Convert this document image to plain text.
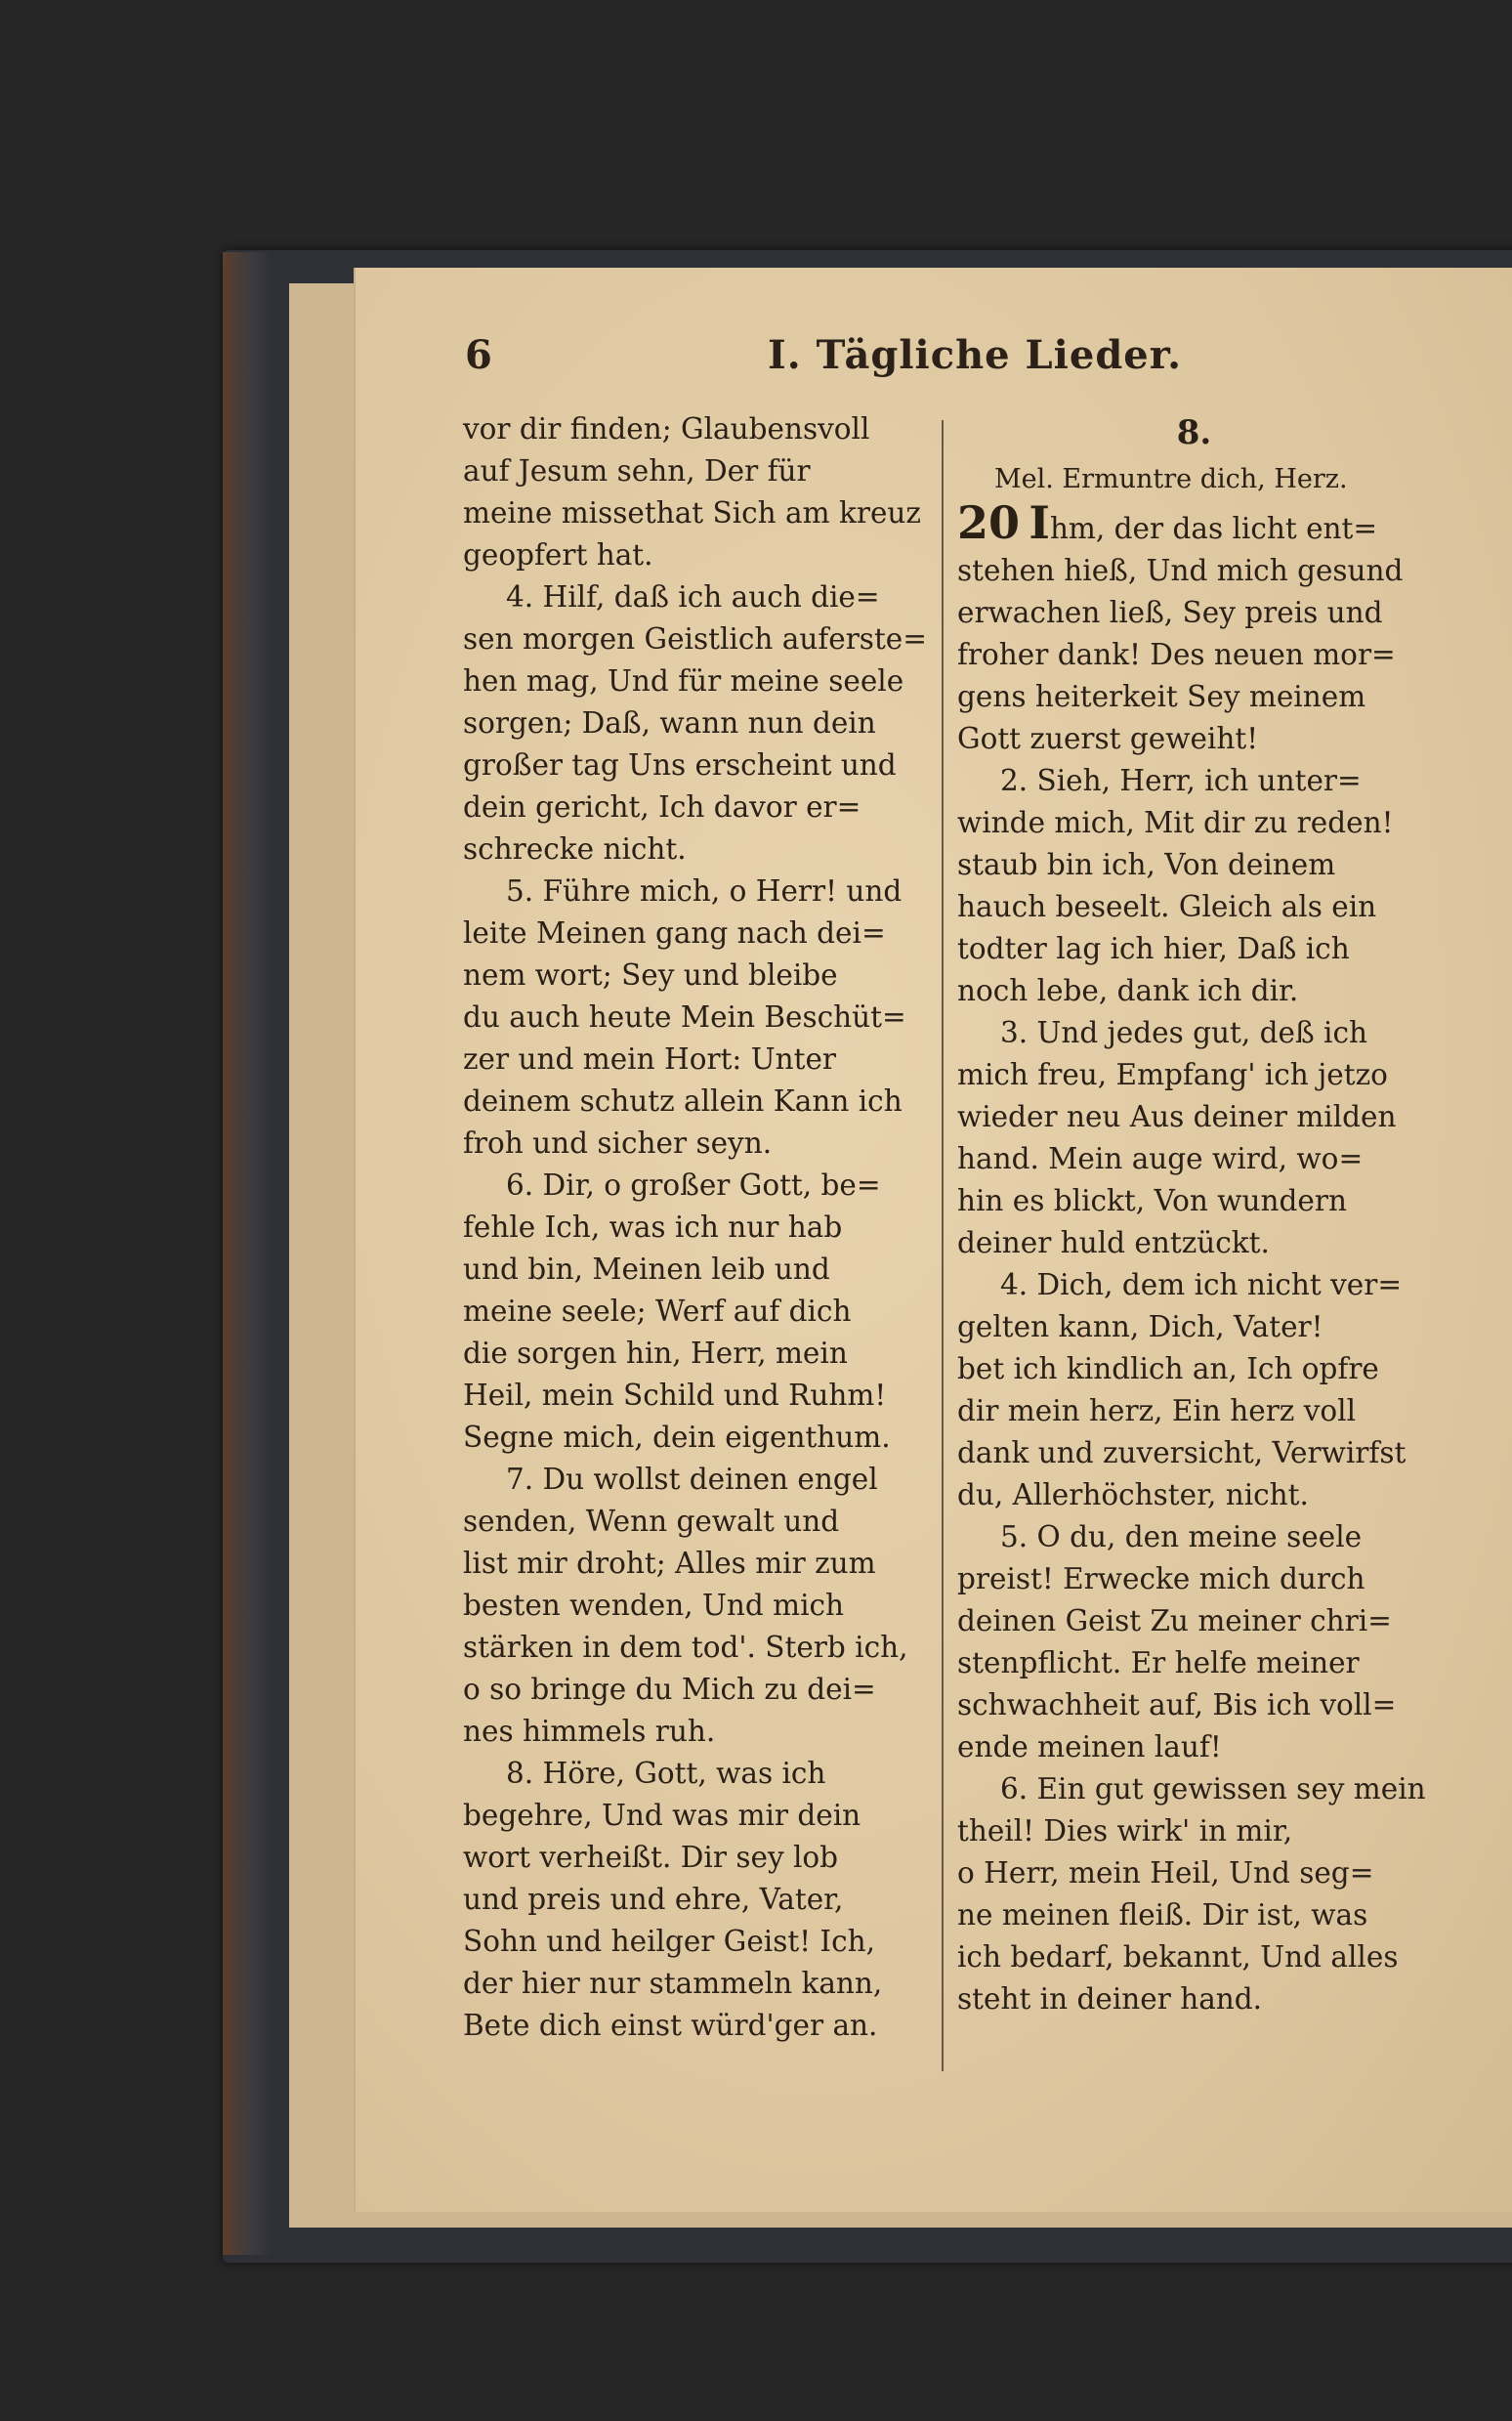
6	I. Tägliche Lieder.
vor dir finden; Glaubensvoll
auf Jesum sehn, Der für
meine missethat Sich am kreuz
geopfert hat.
4. Hilf, daß ich auch die=
sen morgen Geistlich auferste=
hen mag, Und für meine seele
sorgen; Daß, wann nun dein
großer tag Uns erscheint und
dein gericht, Ich davor er=
schrecke nicht.
5. Führe mich, o Herr! und
leite Meinen gang nach dei=
nem wort; Sey und bleibe
du auch heute Mein Beschüt=
zer und mein Hort: Unter
deinem schutz allein Kann ich
froh und sicher seyn.
6. Dir, o großer Gott, be=
fehle Ich, was ich nur hab
und bin, Meinen leib und
meine seele; Werf auf dich
die sorgen hin, Herr, mein
Heil, mein Schild und Ruhm!
Segne mich, dein eigenthum.
7. Du wollst deinen engel
senden, Wenn gewalt und
list mir droht; Alles mir zum
besten wenden, Und mich
stärken in dem tod'. Sterb ich,
o so bringe du Mich zu dei=
nes himmels ruh.
8. Höre, Gott, was ich
begehre, Und was mir dein
wort verheißt. Dir sey lob
und preis und ehre, Vater,
Sohn und heilger Geist! Ich,
der hier nur stammeln kann,
Bete dich einst würd'ger an.
8.
Mel. Ermuntre dich, Herz.
20 Ihm, der das licht ent=
stehen hieß, Und mich gesund
erwachen ließ, Sey preis und
froher dank! Des neuen mor=
gens heiterkeit Sey meinem
Gott zuerst geweiht!
2. Sieh, Herr, ich unter=
winde mich, Mit dir zu reden!
staub bin ich, Von deinem
hauch beseelt. Gleich als ein
todter lag ich hier, Daß ich
noch lebe, dank ich dir.
3. Und jedes gut, deß ich
mich freu, Empfang' ich jetzo
wieder neu Aus deiner milden
hand. Mein auge wird, wo=
hin es blickt, Von wundern
deiner huld entzückt.
4. Dich, dem ich nicht ver=
gelten kann, Dich, Vater!
bet ich kindlich an, Ich opfre
dir mein herz, Ein herz voll
dank und zuversicht, Verwirfst
du, Allerhöchster, nicht.
5. O du, den meine seele
preist! Erwecke mich durch
deinen Geist Zu meiner chri=
stenpflicht. Er helfe meiner
schwachheit auf, Bis ich voll=
ende meinen lauf!
6. Ein gut gewissen sey mein
theil! Dies wirk' in mir,
o Herr, mein Heil, Und seg=
ne meinen fleiß. Dir ist, was
ich bedarf, bekannt, Und alles
steht in deiner hand.
